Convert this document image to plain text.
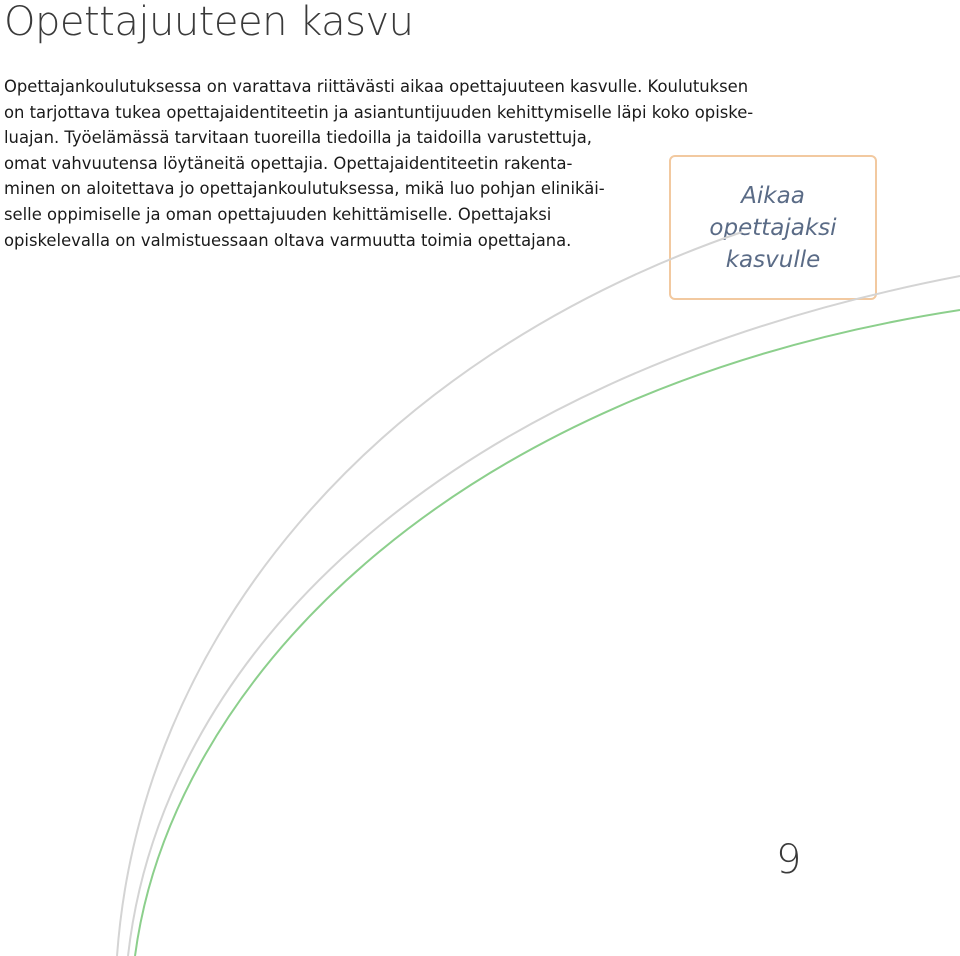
Opettajuuteen kasvu
Opettajankoulutuksessa on varattava riittävästi aikaa opettajuuteen kasvulle. Koulutuksen
on tarjottava tukea opettajaidentiteetin ja asiantuntijuuden kehittymiselle läpi koko opiske-
luajan. Työelämässä tarvitaan tuoreilla tiedoilla ja taidoilla varustettuja,
omat vahvuutensa löytäneitä opettajia. Opettajaidentiteetin rakenta-
minen on aloitettava jo opettajankoulutuksessa, mikä luo pohjan elinikäi-
selle oppimiselle ja oman opettajuuden kehittämiselle. Opettajaksi
opiskelevalla on valmistuessaan oltava varmuutta toimia opettajana.
Aikaa
opettajaksi
kasvulle
9
